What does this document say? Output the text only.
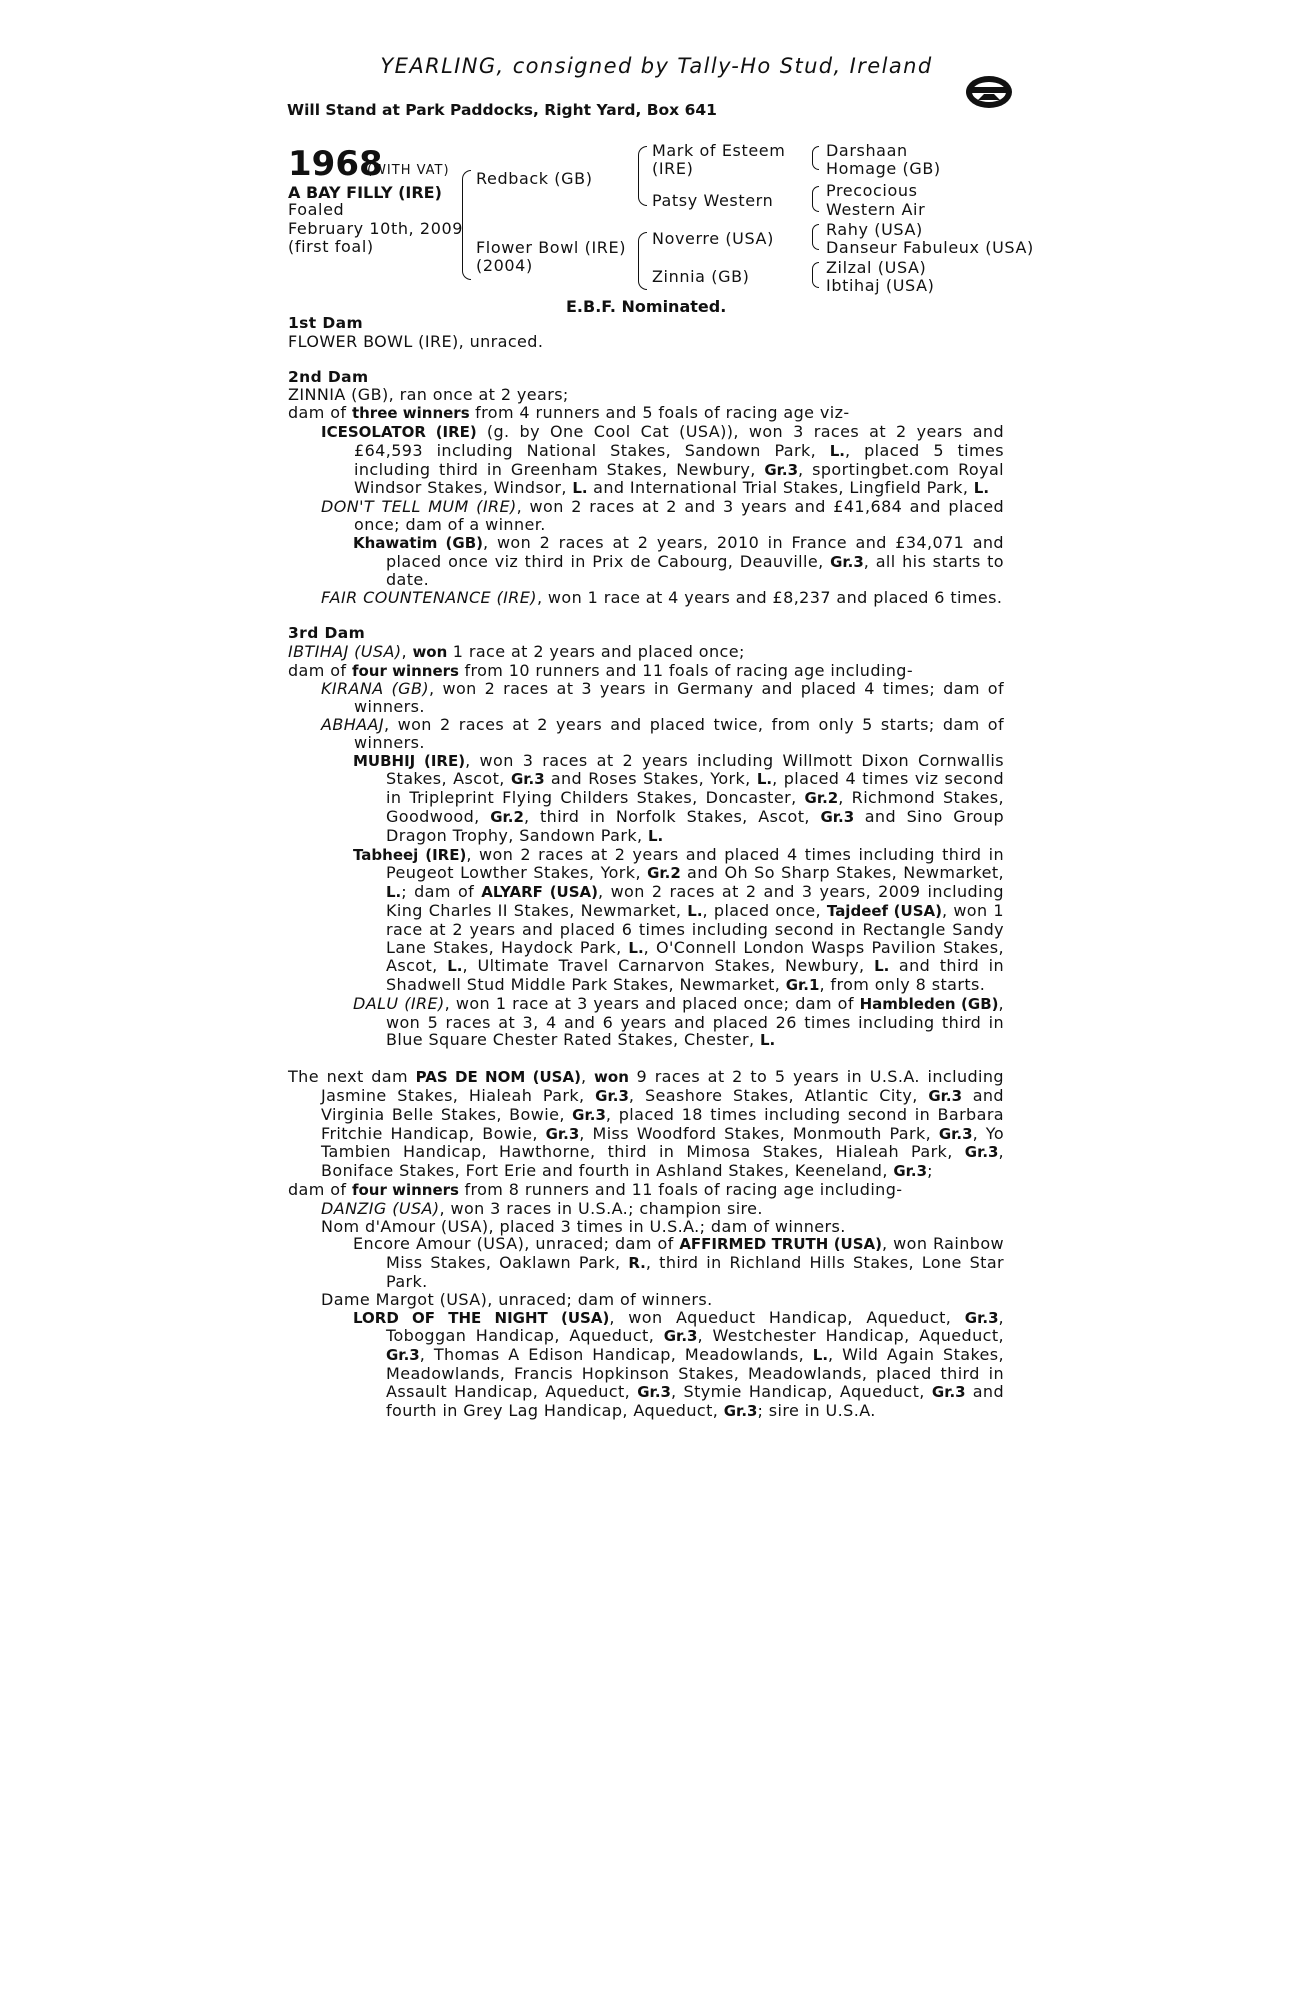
YEARLING, consigned by Tally-Ho Stud, Ireland
Will Stand at Park Paddocks, Right Yard, Box 641
1968
(WITH VAT)
A BAY FILLY (IRE)
Foaled
February 10th, 2009
(first foal)
Redback (GB)
Flower Bowl (IRE)
(2004)
Mark of Esteem
(IRE)
Patsy Western
Noverre (USA)
Zinnia (GB)
Darshaan
Homage (GB)
Precocious
Western Air
Rahy (USA)
Danseur Fabuleux (USA)
Zilzal (USA)
Ibtihaj (USA)
E.B.F. Nominated.

1st Dam

FLOWER BOWL (IRE), unraced.

2nd Dam

ZINNIA (GB), ran once at 2 years;

dam of three winners from 4 runners and 5 foals of racing age viz-

ICESOLATOR (IRE) (g. by One Cool Cat (USA)), won 3 races at 2 years and £64,593 including National Stakes, Sandown Park, L., placed 5 times including third in Greenham Stakes, Newbury, Gr.3, sportingbet.com Royal Windsor Stakes, Windsor, L. and International Trial Stakes, Lingfield Park, L.

DON'T TELL MUM (IRE), won 2 races at 2 and 3 years and £41,684 and placed once; dam of a winner.

Khawatim (GB), won 2 races at 2 years, 2010 in France and £34,071 and placed once viz third in Prix de Cabourg, Deauville, Gr.3, all his starts to date.

FAIR COUNTENANCE (IRE), won 1 race at 4 years and £8,237 and placed 6 times.

3rd Dam

IBTIHAJ (USA), won 1 race at 2 years and placed once;

dam of four winners from 10 runners and 11 foals of racing age including-

KIRANA (GB), won 2 races at 3 years in Germany and placed 4 times; dam of winners.

ABHAAJ, won 2 races at 2 years and placed twice, from only 5 starts; dam of winners.

MUBHIJ (IRE), won 3 races at 2 years including Willmott Dixon Cornwallis Stakes, Ascot, Gr.3 and Roses Stakes, York, L., placed 4 times viz second in Tripleprint Flying Childers Stakes, Doncaster, Gr.2, Richmond Stakes, Goodwood, Gr.2, third in Norfolk Stakes, Ascot, Gr.3 and Sino Group Dragon Trophy, Sandown Park, L.

Tabheej (IRE), won 2 races at 2 years and placed 4 times including third in Peugeot Lowther Stakes, York, Gr.2 and Oh So Sharp Stakes, Newmarket, L.; dam of ALYARF (USA), won 2 races at 2 and 3 years, 2009 including King Charles II Stakes, Newmarket, L., placed once, Tajdeef (USA), won 1 race at 2 years and placed 6 times including second in Rectangle Sandy Lane Stakes, Haydock Park, L., O'Connell London Wasps Pavilion Stakes, Ascot, L., Ultimate Travel Carnarvon Stakes, Newbury, L. and third in Shadwell Stud Middle Park Stakes, Newmarket, Gr.1, from only 8 starts.

DALU (IRE), won 1 race at 3 years and placed once; dam of Hambleden (GB), won 5 races at 3, 4 and 6 years and placed 26 times including third in Blue Square Chester Rated Stakes, Chester, L.

The next dam PAS DE NOM (USA), won 9 races at 2 to 5 years in U.S.A. including Jasmine Stakes, Hialeah Park, Gr.3, Seashore Stakes, Atlantic City, Gr.3 and Virginia Belle Stakes, Bowie, Gr.3, placed 18 times including second in Barbara Fritchie Handicap, Bowie, Gr.3, Miss Woodford Stakes, Monmouth Park, Gr.3, Yo Tambien Handicap, Hawthorne, third in Mimosa Stakes, Hialeah Park, Gr.3, Boniface Stakes, Fort Erie and fourth in Ashland Stakes, Keeneland, Gr.3;

dam of four winners from 8 runners and 11 foals of racing age including-

DANZIG (USA), won 3 races in U.S.A.; champion sire.

Nom d'Amour (USA), placed 3 times in U.S.A.; dam of winners.

Encore Amour (USA), unraced; dam of AFFIRMED TRUTH (USA), won Rainbow Miss Stakes, Oaklawn Park, R., third in Richland Hills Stakes, Lone Star Park.

Dame Margot (USA), unraced; dam of winners.

LORD OF THE NIGHT (USA), won Aqueduct Handicap, Aqueduct, Gr.3, Toboggan Handicap, Aqueduct, Gr.3, Westchester Handicap, Aqueduct, Gr.3, Thomas A Edison Handicap, Meadowlands, L., Wild Again Stakes, Meadowlands, Francis Hopkinson Stakes, Meadowlands, placed third in Assault Handicap, Aqueduct, Gr.3, Stymie Handicap, Aqueduct, Gr.3 and fourth in Grey Lag Handicap, Aqueduct, Gr.3; sire in U.S.A.
